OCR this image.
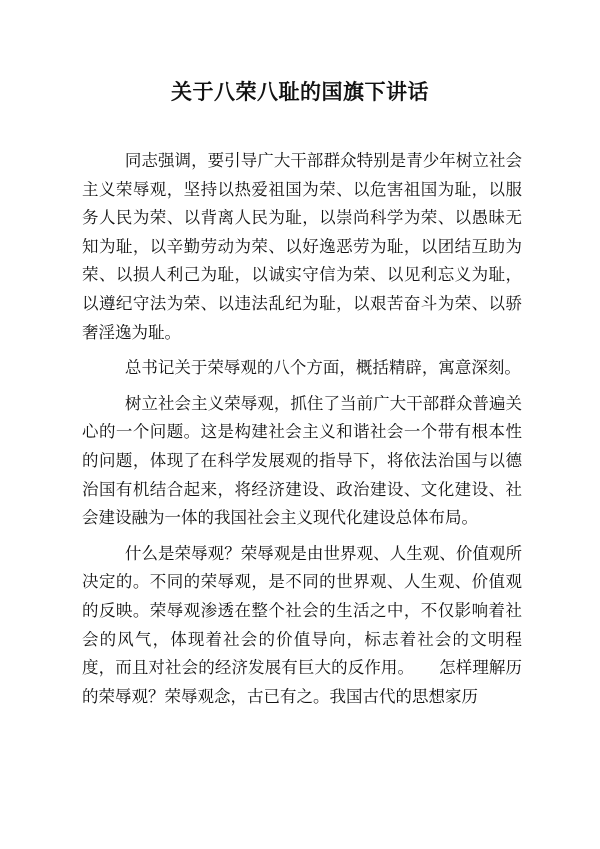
关于八荣八耻的国旗下讲话

同志强调，要引导广大干部群众特别是青少年树立社会主义荣辱观，坚持以热爱祖国为荣、以危害祖国为耻，以服务人民为荣、以背离人民为耻，以崇尚科学为荣、以愚昧无知为耻，以辛勤劳动为荣、以好逸恶劳为耻，以团结互助为荣、以损人利己为耻，以诚实守信为荣、以见利忘义为耻，以遵纪守法为荣、以违法乱纪为耻，以艰苦奋斗为荣、以骄奢淫逸为耻。

总书记关于荣辱观的八个方面，概括精辟，寓意深刻。

树立社会主义荣辱观，抓住了当前广大干部群众普遍关心的一个问题。这是构建社会主义和谐社会一个带有根本性的问题，体现了在科学发展观的指导下，将依法治国与以德治国有机结合起来，将经济建设、政治建设、文化建设、社会建设融为一体的我国社会主义现代化建设总体布局。

什么是荣辱观？荣辱观是由世界观、人生观、价值观所决定的。不同的荣辱观，是不同的世界观、人生观、价值观的反映。荣辱观渗透在整个社会的生活之中，不仅影响着社会的风气，体现着社会的价值导向，标志着社会的文明程度，而且对社会的经济发展有巨大的反作用。　　怎样理解历的荣辱观？荣辱观念，古已有之。我国古代的思想家历
